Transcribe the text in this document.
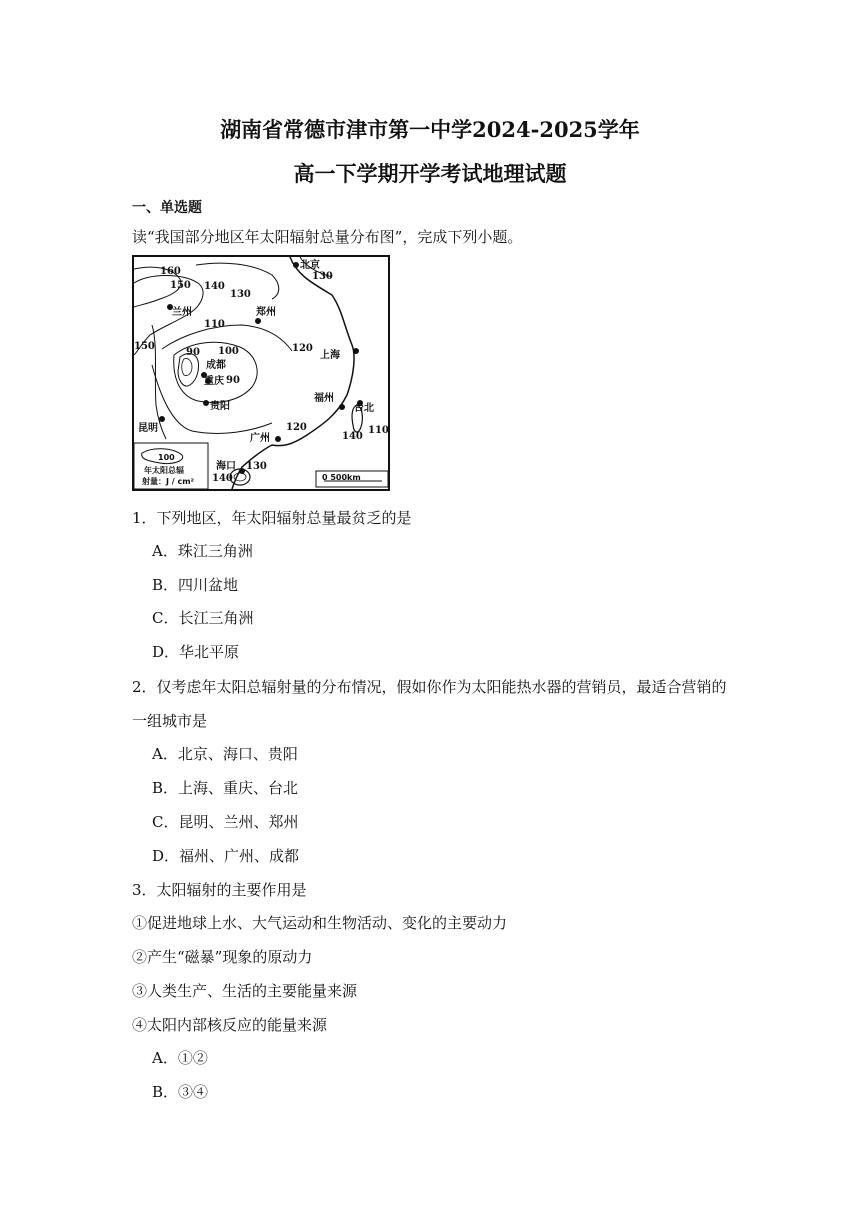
湖南省常德市津市第一中学2024-2025学年
高一下学期开学考试地理试题
一、单选题
读“我国部分地区年太阳辐射总量分布图”，完成下列小题。
100
年太阳总辐
射量：J / cm²	0 500km
160
150 140
130
130
110
100
90
90
120
150
120
130
140
140
110
北京
兰州	郑州
上海
成都
重庆
贵阳
福州
台北
昆明
广州
海口
1．下列地区，年太阳辐射总量最贫乏的是
A．珠江三角洲
B．四川盆地
C．长江三角洲
D．华北平原
2．仅考虑年太阳总辐射量的分布情况，假如你作为太阳能热水器的营销员，最适合营销的
一组城市是
A．北京、海口、贵阳
B．上海、重庆、台北
C．昆明、兰州、郑州
D．福州、广州、成都
3．太阳辐射的主要作用是
①促进地球上水、大气运动和生物活动、变化的主要动力
②产生“磁暴”现象的原动力
③人类生产、生活的主要能量来源
④太阳内部核反应的能量来源
A．①②
B．③④
